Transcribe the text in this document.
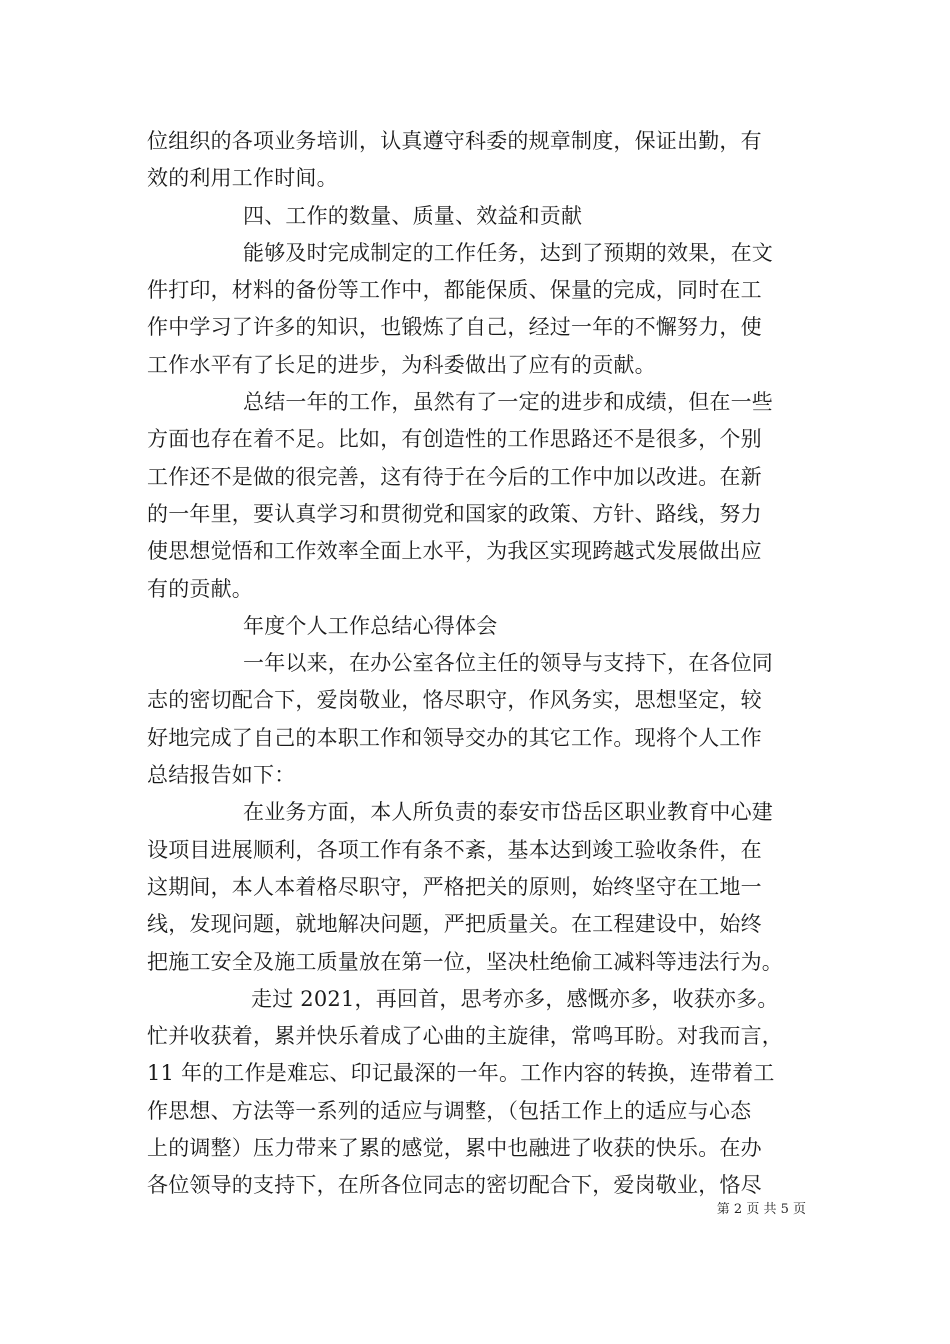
位组织的各项业务培训，认真遵守科委的规章制度，保证出勤，有
效的利用工作时间。
四、工作的数量、质量、效益和贡献
能够及时完成制定的工作任务，达到了预期的效果，在文
件打印，材料的备份等工作中，都能保质、保量的完成，同时在工
作中学习了许多的知识，也锻炼了自己，经过一年的不懈努力，使
工作水平有了长足的进步，为科委做出了应有的贡献。
总结一年的工作，虽然有了一定的进步和成绩，但在一些
方面也存在着不足。比如，有创造性的工作思路还不是很多，个别
工作还不是做的很完善，这有待于在今后的工作中加以改进。在新
的一年里，要认真学习和贯彻党和国家的政策、方针、路线，努力
使思想觉悟和工作效率全面上水平，为我区实现跨越式发展做出应
有的贡献。
年度个人工作总结心得体会
一年以来，在办公室各位主任的领导与支持下，在各位同
志的密切配合下，爱岗敬业，恪尽职守，作风务实，思想坚定，较
好地完成了自己的本职工作和领导交办的其它工作。现将个人工作
总结报告如下：
在业务方面，本人所负责的泰安市岱岳区职业教育中心建
设项目进展顺利，各项工作有条不紊，基本达到竣工验收条件，在
这期间，本人本着格尽职守，严格把关的原则，始终坚守在工地一
线，发现问题，就地解决问题，严把质量关。在工程建设中，始终
把施工安全及施工质量放在第一位，坚决杜绝偷工减料等违法行为。
走过 2021，再回首，思考亦多，感慨亦多，收获亦多。
忙并收获着，累并快乐着成了心曲的主旋律，常鸣耳盼。对我而言，
11 年的工作是难忘、印记最深的一年。工作内容的转换，连带着工
作思想、方法等一系列的适应与调整，（包括工作上的适应与心态
上的调整）压力带来了累的感觉，累中也融进了收获的快乐。在办
各位领导的支持下，在所各位同志的密切配合下，爱岗敬业，恪尽
第 2 页 共 5 页
